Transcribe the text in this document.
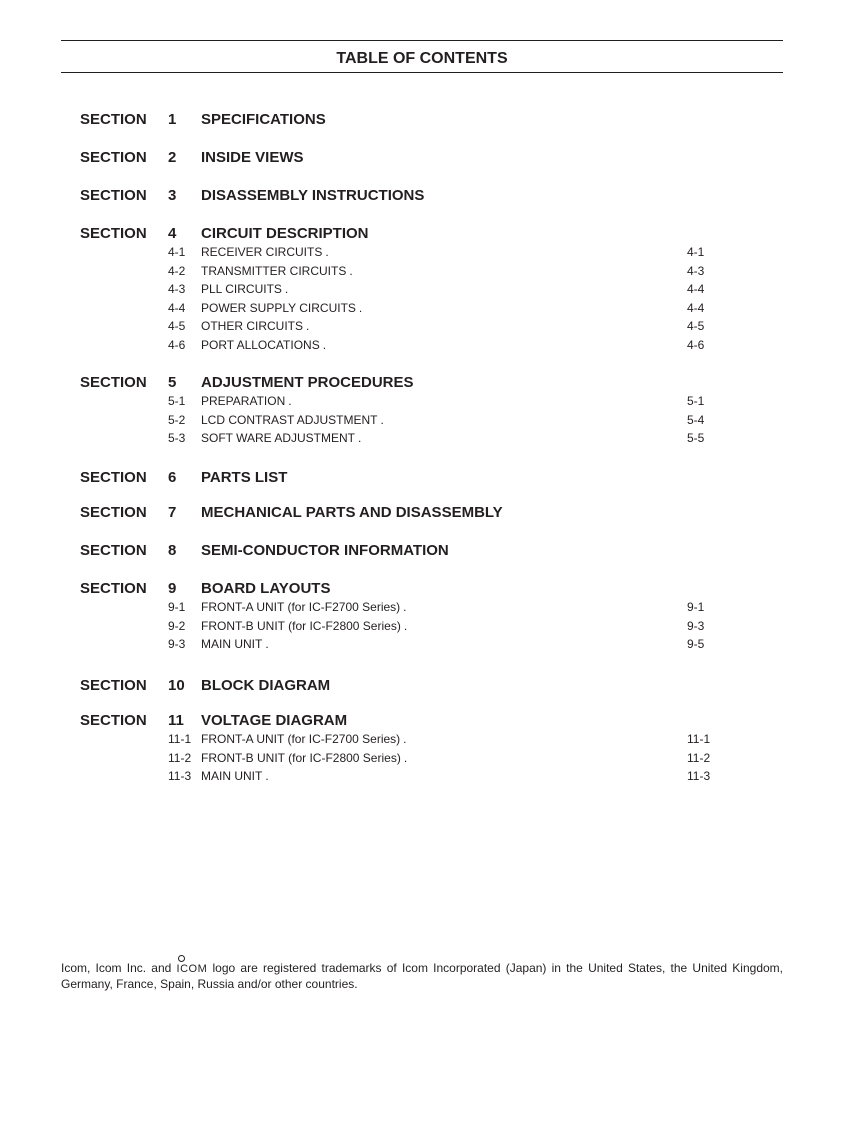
TABLE OF CONTENTS
SECTION	1	SPECIFICATIONS
SECTION	2	INSIDE VIEWS
SECTION	3	DISASSEMBLY INSTRUCTIONS
SECTION	4	CIRCUIT DESCRIPTION
4-1	RECEIVER CIRCUITS .	4-1
4-2	TRANSMITTER CIRCUITS .	4-3
4-3	PLL CIRCUITS .	4-4
4-4	POWER SUPPLY CIRCUITS .	4-4
4-5	OTHER CIRCUITS .	4-5
4-6	PORT ALLOCATIONS .	4-6
SECTION	5	ADJUSTMENT PROCEDURES
5-1	PREPARATION .	5-1
5-2	LCD CONTRAST ADJUSTMENT .	5-4
5-3	SOFT WARE ADJUSTMENT .	5-5
SECTION	6	PARTS LIST
SECTION	7	MECHANICAL PARTS AND DISASSEMBLY
SECTION	8	SEMI-CONDUCTOR INFORMATION
SECTION	9	BOARD LAYOUTS
9-1	FRONT-A UNIT (for IC-F2700 Series) .	9-1
9-2	FRONT-B UNIT (for IC-F2800 Series) .	9-3
9-3	MAIN UNIT .	9-5
SECTION	10	BLOCK DIAGRAM
SECTION	11	VOLTAGE DIAGRAM
11-1 FRONT-A UNIT (for IC-F2700 Series) .	11-1
11-2 FRONT-B UNIT (for IC-F2800 Series) .	11-2
11-3 MAIN UNIT .	11-3
Icom, Icom Inc. and ICOM logo are registered trademarks of Icom Incorporated (Japan) in the United States, the United Kingdom, Germany, France, Spain, Russia and/or other countries.
